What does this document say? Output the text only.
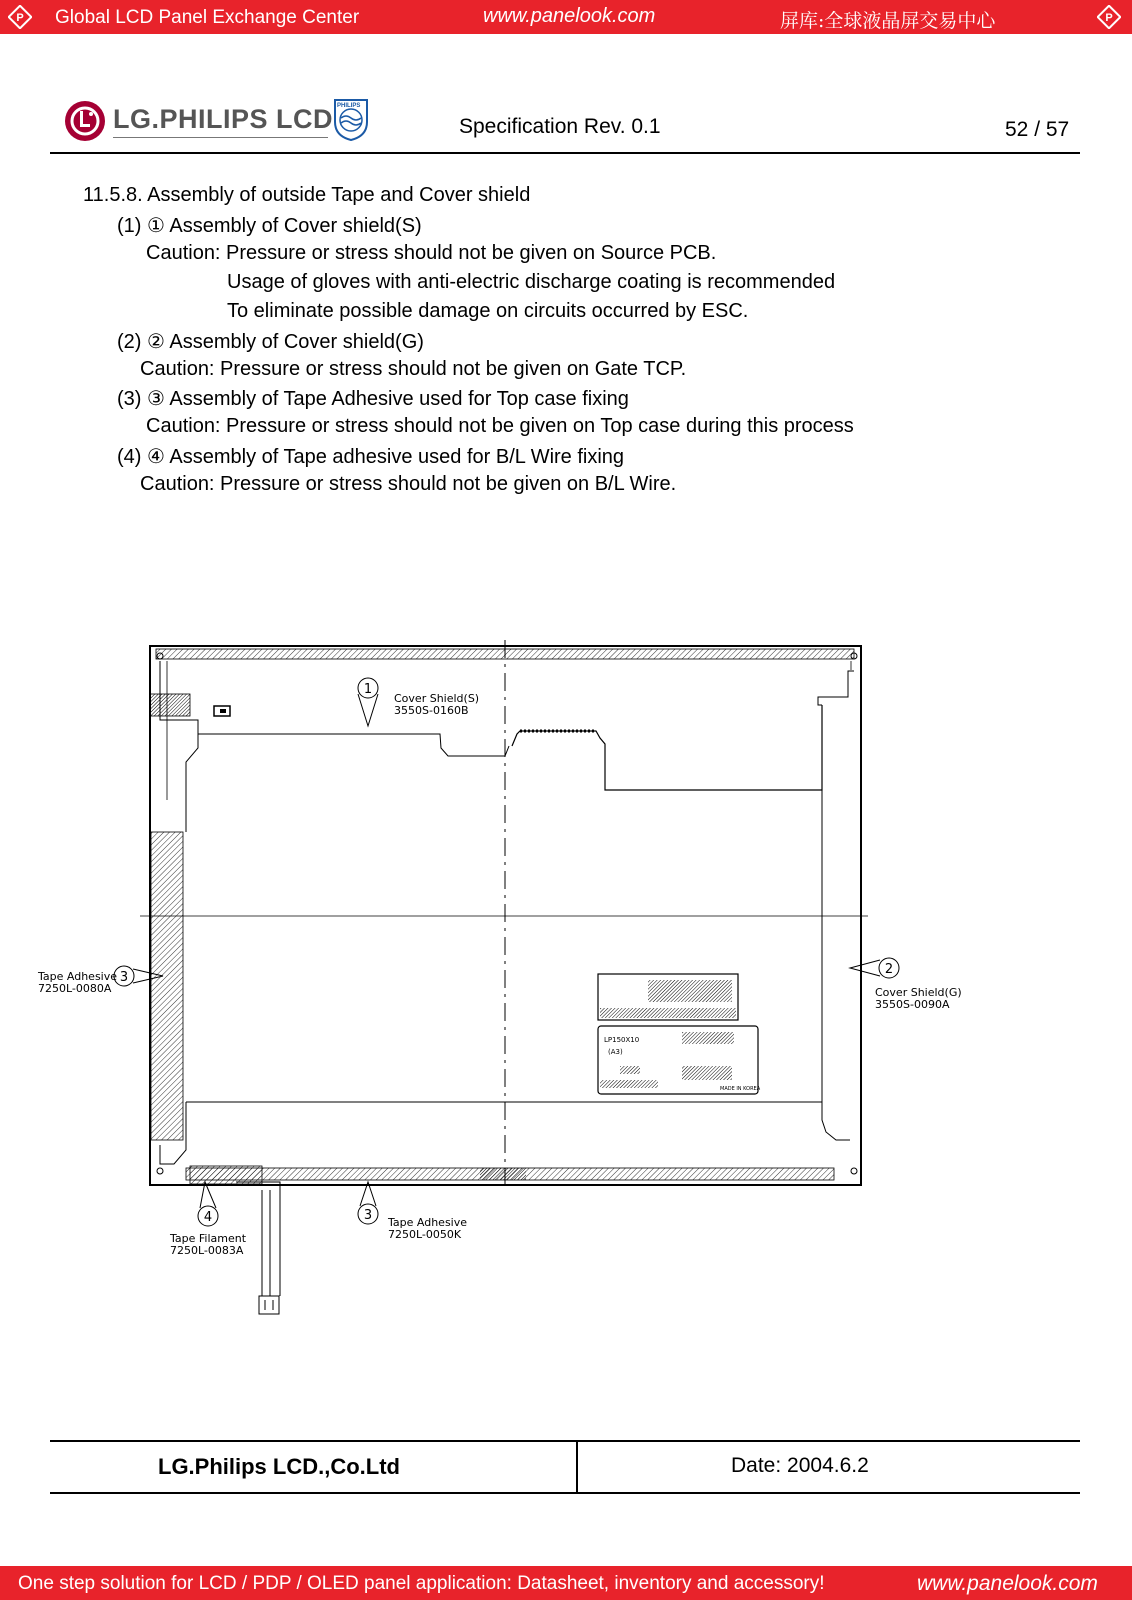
P Global LCD Panel Exchange Center	www.panelook.com	屏库:全球液晶屏交易中心	P
LG.PHILIPS LCD PHILIPS
Specification Rev. 0.1	52 / 57
11.5.8. Assembly of outside Tape and Cover shield
(1) ① Assembly of Cover shield(S)
Caution: Pressure or stress should not be given on Source PCB.
Usage of gloves with anti-electric discharge coating is recommended
To eliminate possible damage on circuits occurred by ESC.
(2) ② Assembly of Cover shield(G)
Caution: Pressure or stress should not be given on Gate TCP.
(3) ③ Assembly of Tape Adhesive used for Top case fixing
Caution: Pressure or stress should not be given on Top case during this process
(4) ④ Assembly of Tape adhesive used for B/L Wire fixing
Caution: Pressure or stress should not be given on B/L Wire.
LP150X10
(A3)
MADE IN KOREA
1
Cover Shield(S)
3550S-0160B
2
Cover Shield(G)
3550S-0090A
3
Tape Adhesive
7250L-0080A
3 Tape Adhesive
7250L-0050K
4
Tape Filament
7250L-0083A
LG.Philips LCD.,Co.Ltd	Date: 2004.6.2
One step solution for LCD / PDP / OLED panel application: Datasheet, inventory and accessory!	www.panelook.com
